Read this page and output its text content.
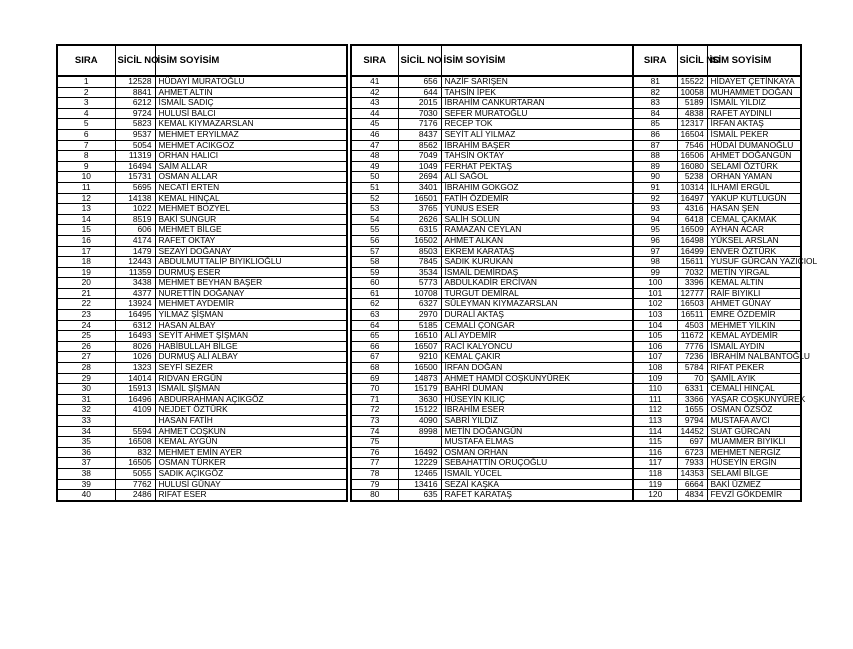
SIRA	SİCİL NO	İSİM SOYİSİM
1	12528	HÜDAYİ MURATOĞLU
2	8841	AHMET ALTIN
3	6212	İSMAİL SADIÇ
4	9724	HULUSİ BALCI
5	5823	KEMAL KIYMAZARSLAN
6	9537	MEHMET ERYILMAZ
7	5054	MEHMET ACIKGOZ
8	11319	ORHAN HALICI
9	16494	SAİM ALLAR
10	15731	OSMAN ALLAR
11	5695	NECATİ ERTEN
12	14138	KEMAL HINÇAL
13	1022	MEHMET BOZYEL
14	8519	BAKİ SUNGUR
15	606	MEHMET BİLGE
16	4174	RAFET OKTAY
17	1479	SEZAYİ DOĞANAY
18	12443	ABDULMUTTALİP BIYIKLIOĞLU
19	11359	DURMUŞ ESER
20	3438	MEHMET BEYHAN BAŞER
21	4377	NURETTİN DOĞANAY
22	13924	MEHMET AYDEMİR
23	16495	YILMAZ ŞİŞMAN
24	6312	HASAN ALBAY
25	16493	SEYİT AHMET ŞİŞMAN
26	8026	HABİBULLAH BİLGE
27	1026	DURMUŞ ALİ ALBAY
28	1323	SEYFİ SEZER
29	14014	RIDVAN ERGÜN
30	15913	İSMAİL ŞİŞMAN
31	16496	ABDURRAHMAN AÇIKGÖZ
32	4109	NEJDET ÖZTÜRK
33		HASAN FATİH
34	5594	AHMET COŞKUN
35	16508	KEMAL AYGÜN
36	832	MEHMET EMİN AYER
37	16505	OSMAN TÜRKER
38	5055	SADIK AÇIKGÖZ
39	7762	HULUSİ GÜNAY
40	2486	RIFAT ESER
SIRA	SİCİL NO	İSİM SOYİSİM
41	656	NAZİF SARIŞEN
42	644	TAHSİN İPEK
43	2015	İBRAHİM CANKURTARAN
44	7030	SEFER MURATOĞLU
45	7176	RECEP TOK
46	8437	SEYİT ALİ YILMAZ
47	8562	İBRAHİM BAŞER
48	7049	TAHSİN OKTAY
49	1049	FERHAT PEKTAŞ
50	2694	ALİ SAĞOL
51	3401	İBRAHIM GOKGOZ
52	16501	FATİH ÖZDEMİR
53	3765	YUNUS ESER
54	2626	SALİH SOLUN
55	6315	RAMAZAN CEYLAN
56	16502	AHMET ALKAN
57	8503	EKREM KARATAŞ
58	7845	SADIK KURUKAN
59	3534	İSMAİL DEMİRDAŞ
60	5773	ABDULKADİR ERCİVAN
61	10708	TURGUT DEMİRAL
62	6327	SÜLEYMAN KIYMAZARSLAN
63	2970	DURALİ AKTAŞ
64	5185	CEMALİ ÇONGAR
65	16510	ALİ AYDEMİR
66	16507	RACİ KALYONCU
67	9210	KEMAL ÇAKIR
68	16500	İRFAN DOĞAN
69	14873	AHMET HAMDİ COŞKUNYÜREK
70	15179	BAHRİ DUMAN
71	3630	HÜSEYİN KILIÇ
72	15122	İBRAHİM ESER
73	4090	SABRİ YILDIZ
74	8998	METİN DOĞANGÜN
75		MUSTAFA ELMAS
76	16492	OSMAN ORHAN
77	12229	SEBAHATTİN ORUÇOĞLU
78	12465	İSMAİL YÜCEL
79	13416	SEZAİ KAŞKA
80	635	RAFET KARATAŞ
SIRA	SİCİL NO	İSİM SOYİSİM
81	15522	HİDAYET ÇETİNKAYA
82	10058	MUHAMMET DOĞAN
83	5189	İSMAİL YILDIZ
84	4838	RAFET AYDINLI
85	12317	İRFAN AKTAŞ
86	16504	İSMAİL PEKER
87	7546	HÜDAİ DUMANOĞLU
88	16506	AHMET DOĞANGÜN
89	16080	SELAMİ ÖZTÜRK
90	5238	ORHAN YAMAN
91	10314	İLHAMİ ERGÜL
92	16497	YAKUP KUTLUGÜN
93	4316	HASAN ŞEN
94	6418	CEMAL ÇAKMAK
95	16509	AYHAN ACAR
96	16498	YÜKSEL ARSLAN
97	16499	ENVER ÖZTÜRK
98	15611	YUSUF GÜRCAN YAZICIOL
99	7032	METİN YIRGAL
100	3396	KEMAL ALTIN
101	12777	RAİF BIYIKLI
102	16503	AHMET GÜNAY
103	16511	EMRE ÖZDEMİR
104	4503	MEHMET YILKIN
105	11672	KEMAL AYDEMİR
106	7776	İSMAİL AYDIN
107	7236	İBRAHİM NALBANTOĞLU
108	5784	RIFAT PEKER
109	70	ŞAMİL AYIK
110	6331	CEMALİ HINÇAL
111	3366	YAŞAR COŞKUNYÜREK
112	1655	OSMAN ÖZSÖZ
113	9794	MUSTAFA AVCI
114	14452	SUAT GÜRCAN
115	697	MUAMMER BIYIKLI
116	6723	MEHMET NERGİZ
117	7933	HÜSEYİN ERGİN
118	14353	SELAMİ BİLGE
119	6664	BAKİ ÜZMEZ
120	4834	FEVZİ GÖKDEMİR
